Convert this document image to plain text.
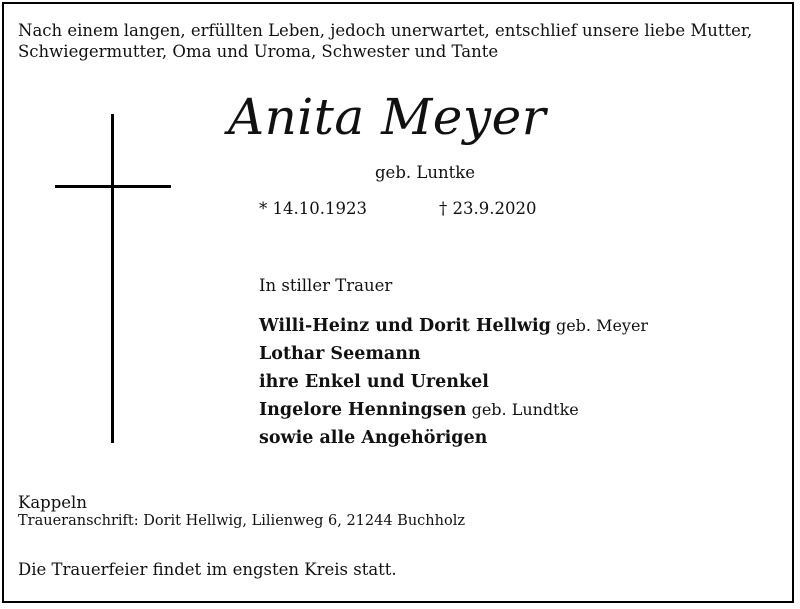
Nach einem langen, erfüllten Leben, jedoch unerwartet, entschlief unsere liebe Mutter, Schwiegermutter, Oma und Uroma, Schwester und Tante
Anita Meyer
geb. Luntke
* 14.10.1923	† 23.9.2020
In stiller Trauer
Willi-Heinz und Dorit Hellwig geb. Meyer
Lothar Seemann
ihre Enkel und Urenkel
Ingelore Henningsen geb. Lundtke
sowie alle Angehörigen
Kappeln
Traueranschrift: Dorit Hellwig, Lilienweg 6, 21244 Buchholz
Die Trauerfeier findet im engsten Kreis statt.
